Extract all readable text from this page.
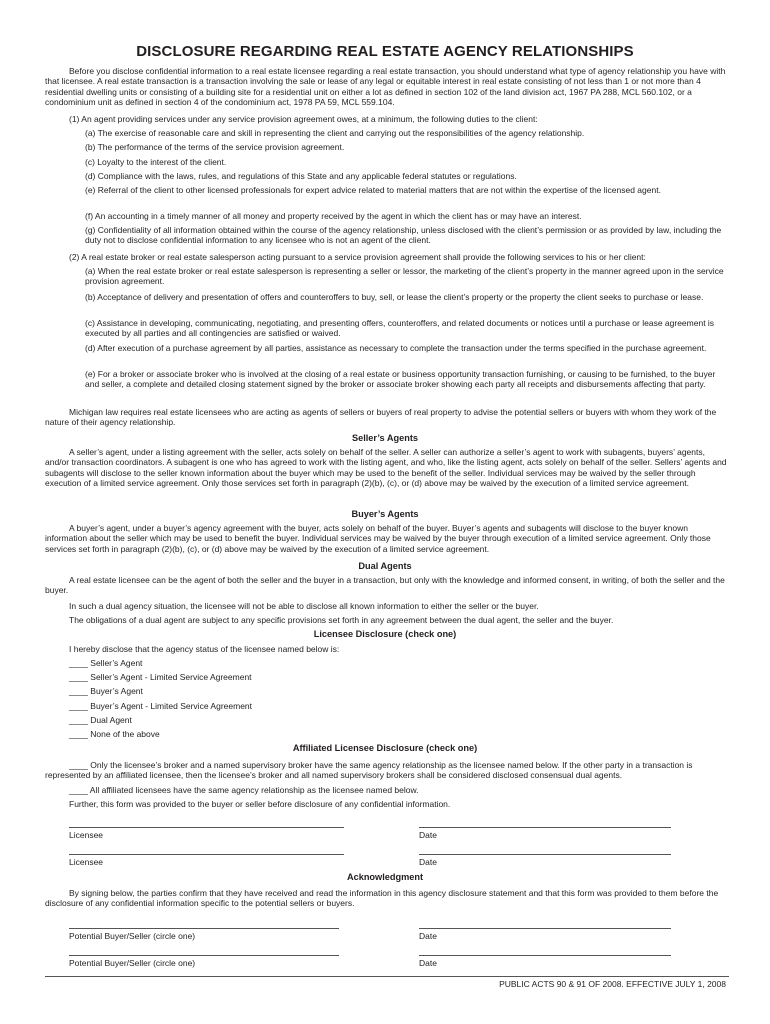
DISCLOSURE REGARDING REAL ESTATE AGENCY RELATIONSHIPS

Before you disclose confidential information to a real estate licensee regarding a real estate transaction, you should understand what type of agency relationship you have with that licensee. A real estate transaction is a transaction involving the sale or lease of any legal or equitable interest in real estate consisting of not less than 1 or not more than 4 residential dwelling units or consisting of a building site for a residential unit on either a lot as defined in section 102 of the land division act, 1967 PA 288, MCL 560.102, or a condominium unit as defined in section 4 of the condominium act, 1978 PA 59, MCL 559.104.

(1) An agent providing services under any service provision agreement owes, at a minimum, the following duties to the client:

(a) The exercise of reasonable care and skill in representing the client and carrying out the responsibilities of the agency relationship.

(b) The performance of the terms of the service provision agreement.

(c) Loyalty to the interest of the client.

(d) Compliance with the laws, rules, and regulations of this State and any applicable federal statutes or regulations.

(e) Referral of the client to other licensed professionals for expert advice related to material matters that are not within the expertise of the licensed agent.

(f) An accounting in a timely manner of all money and property received by the agent in which the client has or may have an interest.

(g) Confidentiality of all information obtained within the course of the agency relationship, unless disclosed with the client’s permission or as provided by law, including the duty not to disclose confidential information to any licensee who is not an agent of the client.

(2) A real estate broker or real estate salesperson acting pursuant to a service provision agreement shall provide the following services to his or her client:

(a) When the real estate broker or real estate salesperson is representing a seller or lessor, the marketing of the client’s property in the manner agreed upon in the service provision agreement.

(b) Acceptance of delivery and presentation of offers and counteroffers to buy, sell, or lease the client’s property or the property the client seeks to purchase or lease.

(c) Assistance in developing, communicating, negotiating, and presenting offers, counteroffers, and related documents or notices until a purchase or lease agreement is executed by all parties and all contingencies are satisfied or waived.

(d) After execution of a purchase agreement by all parties, assistance as necessary to complete the transaction under the terms specified in the purchase agreement.

(e) For a broker or associate broker who is involved at the closing of a real estate or business opportunity transaction furnishing, or causing to be furnished, to the buyer and seller, a complete and detailed closing statement signed by the broker or associate broker showing each party all receipts and disbursements affecting that party.

Michigan law requires real estate licensees who are acting as agents of sellers or buyers of real property to advise the potential sellers or buyers with whom they work of the nature of their agency relationship.

Seller’s Agents

A seller’s agent, under a listing agreement with the seller, acts solely on behalf of the seller. A seller can authorize a seller’s agent to work with subagents, buyers’ agents, and/or transaction coordinators. A subagent is one who has agreed to work with the listing agent, and who, like the listing agent, acts solely on behalf of the seller. Sellers’ agents and subagents will disclose to the seller known information about the buyer which may be used to the benefit of the seller. Individual services may be waived by the seller through execution of a limited service agreement. Only those services set forth in paragraph (2)(b), (c), or (d) above may be waived by the execution of a limited service agreement.

Buyer’s Agents

A buyer’s agent, under a buyer’s agency agreement with the buyer, acts solely on behalf of the buyer. Buyer’s agents and subagents will disclose to the buyer known information about the seller which may be used to benefit the buyer. Individual services may be waived by the buyer through execution of a limited service agreement. Only those services set forth in paragraph (2)(b), (c), or (d) above may be waived by the execution of a limited service agreement.

Dual Agents

A real estate licensee can be the agent of both the seller and the buyer in a transaction, but only with the knowledge and informed consent, in writing, of both the seller and the buyer.

In such a dual agency situation, the licensee will not be able to disclose all known information to either the seller or the buyer.

The obligations of a dual agent are subject to any specific provisions set forth in any agreement between the dual agent, the seller and the buyer.

Licensee Disclosure (check one)

I hereby disclose that the agency status of the licensee named below is:

____ Seller’s Agent

____ Seller’s Agent - Limited Service Agreement

____ Buyer’s Agent

____ Buyer’s Agent - Limited Service Agreement

____ Dual Agent

____ None of the above

Affiliated Licensee Disclosure (check one)

____ Only the licensee’s broker and a named supervisory broker have the same agency relationship as the licensee named below. If the other party in a transaction is represented by an affiliated licensee, then the licensee’s broker and all named supervisory brokers shall be considered disclosed consensual dual agents.

____ All affiliated licensees have the same agency relationship as the licensee named below.

Further, this form was provided to the buyer or seller before disclosure of any confidential information.

Licensee	Date
Licensee	Date
Acknowledgment

By signing below, the parties confirm that they have received and read the information in this agency disclosure statement and that this form was provided to them before the disclosure of any confidential information specific to the potential sellers or buyers.

Potential Buyer/Seller (circle one)	Date
Potential Buyer/Seller (circle one)	Date
PUBLIC ACTS 90 & 91 OF 2008. EFFECTIVE JULY 1, 2008
